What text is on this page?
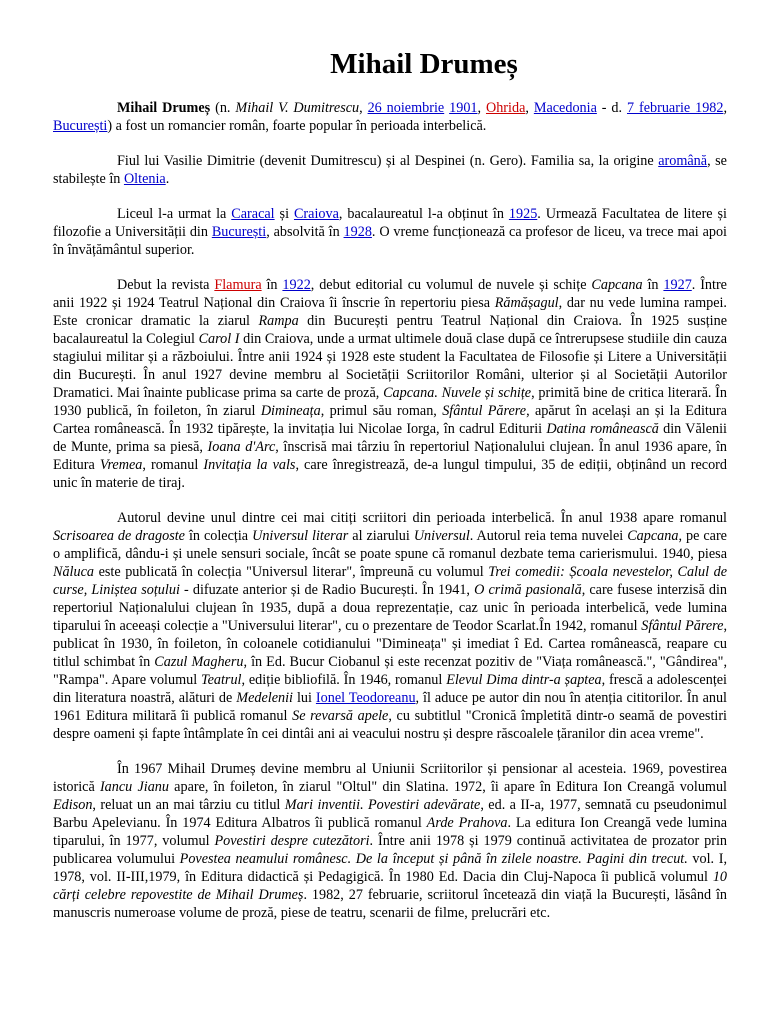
Mihail Drumeș

Mihail Drumeș (n. Mihail V. Dumitrescu, 26 noiembrie 1901, Ohrida, Macedonia - d. 7 februarie 1982, București) a fost un romancier român, foarte popular în perioada interbelică.

Fiul lui Vasilie Dimitrie (devenit Dumitrescu) și al Despinei (n. Gero). Familia sa, la origine aromână, se stabilește în Oltenia.

Liceul l-a urmat la Caracal și Craiova, bacalaureatul l-a obținut în 1925. Urmează Facultatea de litere și filozofie a Universității din București, absolvită în 1928. O vreme funcționează ca profesor de liceu, va trece mai apoi în învățământul superior.

Debut la revista Flamura în 1922, debut editorial cu volumul de nuvele și schițe Capcana în 1927. Între anii 1922 și 1924 Teatrul Național din Craiova îi înscrie în repertoriu piesa Rămășagul, dar nu vede lumina rampei. Este cronicar dramatic la ziarul Rampa din București pentru Teatrul Național din Craiova. În 1925 susține bacalaureatul la Colegiul Carol I din Craiova, unde a urmat ultimele două clase după ce întrerupsese studiile din cauza stagiului militar și a războiului. Între anii 1924 și 1928 este student la Facultatea de Filosofie și Litere a Universității din București. În anul 1927 devine membru al Societății Scriitorilor Români, ulterior și al Societății Autorilor Dramatici. Mai înainte publicase prima sa carte de proză, Capcana. Nuvele și schițe, primită bine de critica literară. În 1930 publică, în foileton, în ziarul Dimineața, primul său roman, Sfântul Părere, apărut în același an și la Editura Cartea românească. În 1932 tipărește, la invitația lui Nicolae Iorga, în cadrul Editurii Datina românească din Vălenii de Munte, prima sa piesă, Ioana d'Arc, înscrisă mai târziu în repertoriul Naționalului clujean. În anul 1936 apare, în Editura Vremea, romanul Invitația la vals, care înregistrează, de-a lungul timpului, 35 de ediții, obținând un record unic în materie de tiraj.

Autorul devine unul dintre cei mai citiți scriitori din perioada interbelică. În anul 1938 apare romanul Scrisoarea de dragoste în colecția Universul literar al ziarului Universul. Autorul reia tema nuvelei Capcana, pe care o amplifică, dându-i și unele sensuri sociale, încât se poate spune că romanul dezbate tema carierismului. 1940, piesa Năluca este publicată în colecția "Universul literar", împreună cu volumul Trei comedii: Școala nevestelor, Calul de curse, Liniștea soțului - difuzate anterior și de Radio București. În 1941, O crimă pasională, care fusese interzisă din repertoriul Naționalului clujean în 1935, după a doua reprezentație, caz unic în perioada interbelică, vede lumina tiparului în aceeași colecție a "Universului literar", cu o prezentare de Teodor Scarlat.În 1942, romanul Sfântul Părere, publicat în 1930, în foileton, în coloanele cotidianului "Dimineața" și imediat î Ed. Cartea românească, reapare cu titlul schimbat în Cazul Magheru, în Ed. Bucur Ciobanul și este recenzat pozitiv de "Viața românească.", "Gândirea", "Rampa". Apare volumul Teatrul, ediție bibliofilă. În 1946, romanul Elevul Dima dintr-a șaptea, frescă a adolescenței din literatura noastră, alături de Medelenii lui Ionel Teodoreanu, îl aduce pe autor din nou în atenția cititorilor. În anul 1961 Editura militară îi publică romanul Se revarsă apele, cu subtitlul "Cronică împletită dintr-o seamă de povestiri despre oameni și fapte întâmplate în cei dintâi ani ai veacului nostru și despre răscoalele țăranilor din acea vreme".

În 1967 Mihail Drumeș devine membru al Uniunii Scriitorilor și pensionar al acesteia. 1969, povestirea istorică Iancu Jianu apare, în foileton, în ziarul "Oltul" din Slatina. 1972, îi apare în Editura Ion Creangă volumul Edison, reluat un an mai târziu cu titlul Mari inventii. Povestiri adevărate, ed. a II-a, 1977, semnată cu pseudonimul Barbu Apelevianu. În 1974 Editura Albatros îi publică romanul Arde Prahova. La editura Ion Creangă vede lumina tiparului, în 1977, volumul Povestiri despre cutezători. Între anii 1978 și 1979 continuă activitatea de prozator prin publicarea volumului Povestea neamului românesc. De la început și până în zilele noastre. Pagini din trecut. vol. I, 1978, vol. II-III,1979, în Editura didactică și Pedagigică. În 1980 Ed. Dacia din Cluj-Napoca îi publică volumul 10 cărți celebre repovestite de Mihail Drumeș. 1982, 27 februarie, scriitorul încetează din viață la București, lăsând în manuscris numeroase volume de proză, piese de teatru, scenarii de filme, prelucrări etc.
